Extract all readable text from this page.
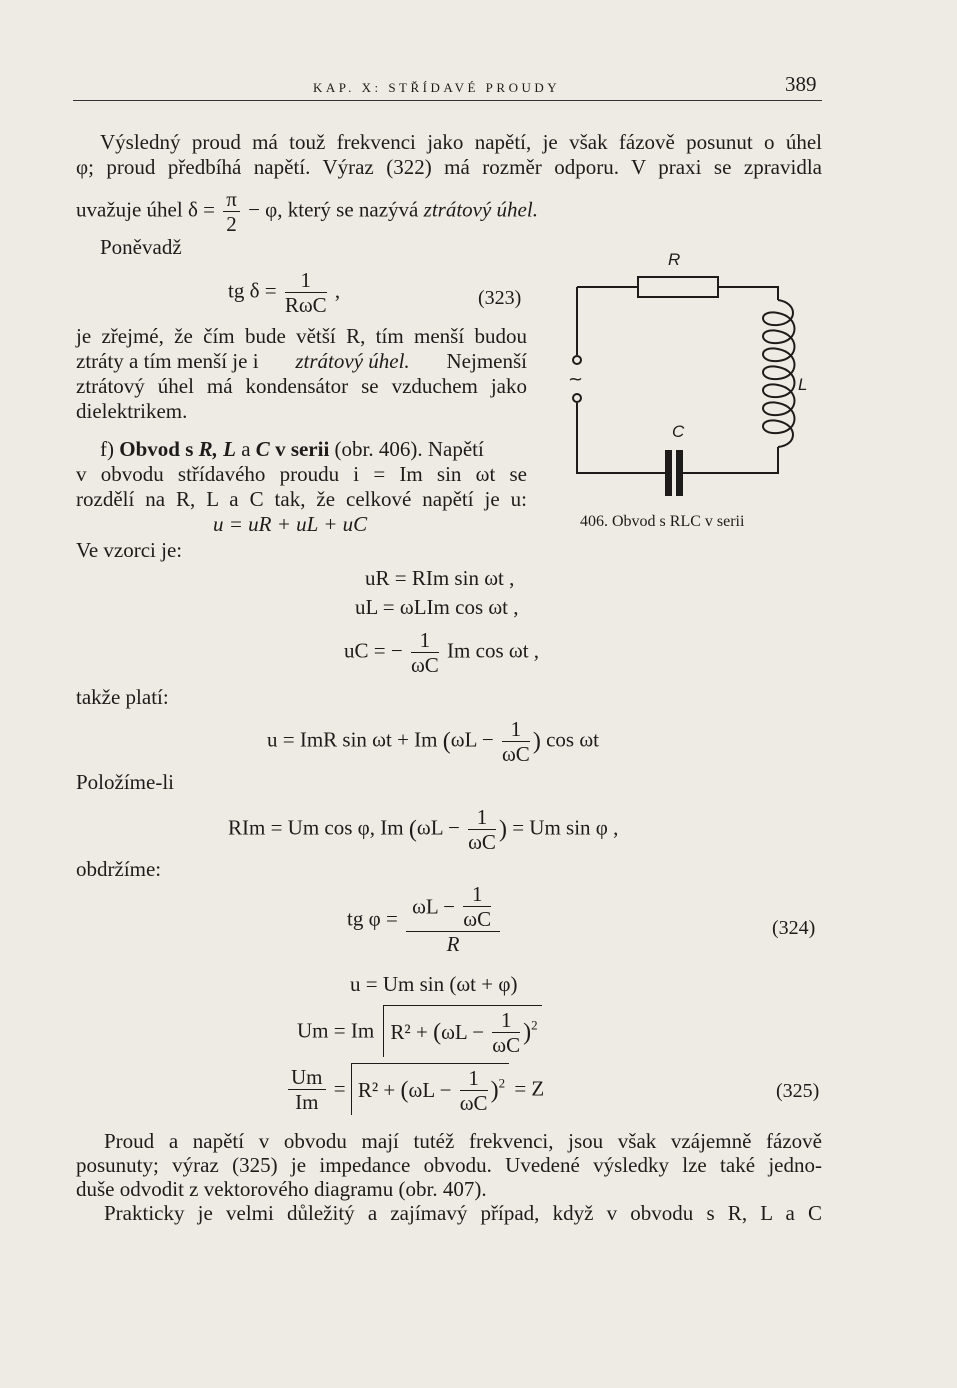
KAP. X: STŘÍDAVÉ PROUDY	389
Výsledný proud má touž frekvenci jako napětí, je však fázově posunut o úhel
φ; proud předbíhá napětí. Výraz (322) má rozměr odporu. V praxi se zpravidla
uvažuje úhel $\delta = \frac{\pi}{2} - \varphi$, který se nazývá ztrátový úhel.
Poněvadž
tg $\delta = \frac{1}{\text{RωC}}$ ,	(323)
je zřejmé, že čím bude větší R, tím menší budou
ztráty a tím menší je i ztrátový úhel. Nejmenší
ztrátový úhel má kondensátor se vzduchem jako
dielektrikem.
f) Obvod s R, L a C v serii (obr. 406). Napětí
v obvodu střídavého proudu i = Im sin ωt se
rozdělí na R, L a C tak, že celkové napětí je u:
u = uR + uL + uC
Ve vzorci je:
uR = RIm sin ωt ,
uL = ωLIm cos ωt ,
uC = − $\frac{1}{\omega C}$ Im cos ωt ,
takže platí:
u = ImR sin ωt + Im ($\omega L - \frac{1}{\omega C}$ ) cos ωt
Položíme-li
RIm = Um cos φ, Im ($\omega L - \frac{1}{\omega C}$ ) = Um sin φ ,
obdržíme:
tg $\varphi = \frac{\omega L - \frac{1}{\omega C}}{R}$	(324)
u = Um sin (ωt + φ)
Um = Im $R^2 + (\omega L - \frac{1}{\omega C} )^2$
$\frac{Um}{Im} = R^2 + (\omega L - \frac{1}{\omega C} )^2 = Z$	(325)
Proud a napětí v obvodu mají tutéž frekvenci, jsou však vzájemně fázově
posunuty; výraz (325) je impedance obvodu. Uvedené výsledky lze také jedno-
duše odvodit z vektorového diagramu (obr. 407).
Prakticky je velmi důležitý a zajímavý případ, když v obvodu s R, L a C
R
L
C
~
406. Obvod s RLC v serii
